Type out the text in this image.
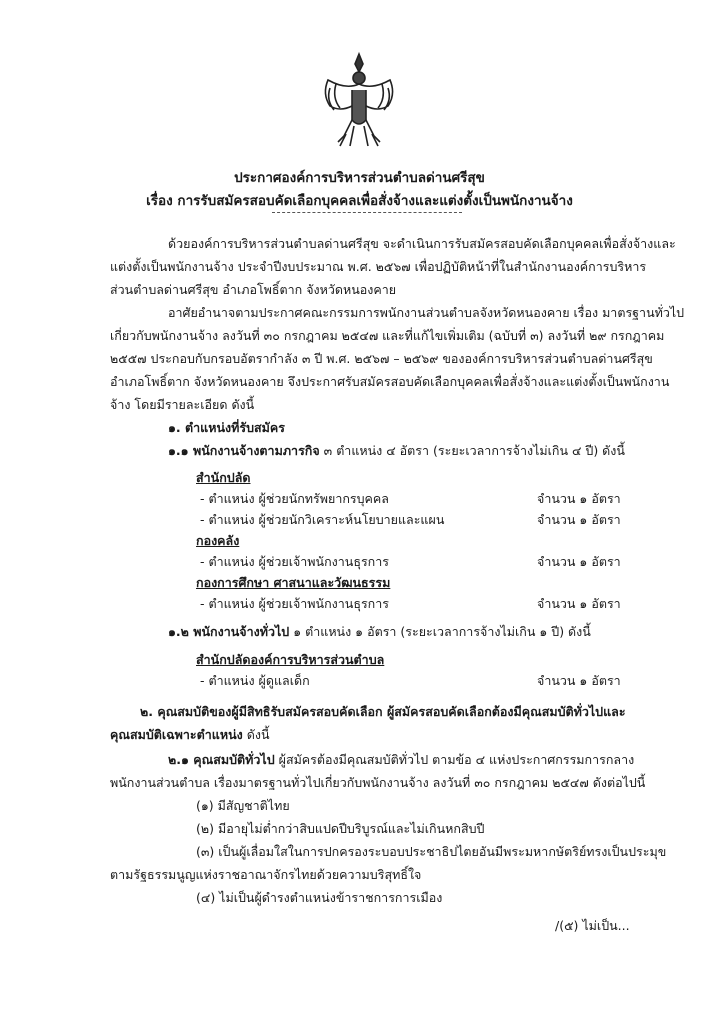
ประกาศองค์การบริหารส่วนตำบลด่านศรีสุข
เรื่อง การรับสมัครสอบคัดเลือกบุคคลเพื่อสั่งจ้างและแต่งตั้งเป็นพนักงานจ้าง
ด้วยองค์การบริหารส่วนตำบลด่านศรีสุข จะดำเนินการรับสมัครสอบคัดเลือกบุคคลเพื่อสั่งจ้างและ
แต่งตั้งเป็นพนักงานจ้าง ประจำปีงบประมาณ พ.ศ. ๒๕๖๗ เพื่อปฏิบัติหน้าที่ในสำนักงานองค์การบริหาร
ส่วนตำบลด่านศรีสุข อำเภอโพธิ์ตาก จังหวัดหนองคาย
อาศัยอำนาจตามประกาศคณะกรรมการพนักงานส่วนตำบลจังหวัดหนองคาย เรื่อง มาตรฐานทั่วไป
เกี่ยวกับพนักงานจ้าง ลงวันที่ ๓๐ กรกฎาคม ๒๕๔๗ และที่แก้ไขเพิ่มเติม (ฉบับที่ ๓) ลงวันที่ ๒๙ กรกฎาคม
๒๕๕๗ ประกอบกับกรอบอัตรากำลัง ๓ ปี พ.ศ. ๒๕๖๗ – ๒๕๖๙ ขององค์การบริหารส่วนตำบลด่านศรีสุข
อำเภอโพธิ์ตาก จังหวัดหนองคาย จึงประกาศรับสมัครสอบคัดเลือกบุคคลเพื่อสั่งจ้างและแต่งตั้งเป็นพนักงาน
จ้าง โดยมีรายละเอียด ดังนี้
๑. ตำแหน่งที่รับสมัคร
๑.๑ พนักงานจ้างตามภารกิจ ๓ ตำแหน่ง ๔ อัตรา (ระยะเวลาการจ้างไม่เกิน ๔ ปี) ดังนี้
สำนักปลัด
- ตำแหน่ง ผู้ช่วยนักทรัพยากรบุคคล	จำนวน ๑ อัตรา
- ตำแหน่ง ผู้ช่วยนักวิเคราะห์นโยบายและแผน	จำนวน ๑ อัตรา
กองคลัง
- ตำแหน่ง ผู้ช่วยเจ้าพนักงานธุรการ	จำนวน ๑ อัตรา
กองการศึกษา ศาสนาและวัฒนธรรม
- ตำแหน่ง ผู้ช่วยเจ้าพนักงานธุรการ	จำนวน ๑ อัตรา
๑.๒ พนักงานจ้างทั่วไป ๑ ตำแหน่ง ๑ อัตรา (ระยะเวลาการจ้างไม่เกิน ๑ ปี) ดังนี้
สำนักปลัดองค์การบริหารส่วนตำบล
- ตำแหน่ง ผู้ดูแลเด็ก	จำนวน ๑ อัตรา
๒. คุณสมบัติของผู้มีสิทธิรับสมัครสอบคัดเลือก ผู้สมัครสอบคัดเลือกต้องมีคุณสมบัติทั่วไปและ
คุณสมบัติเฉพาะตำแหน่ง ดังนี้
๒.๑ คุณสมบัติทั่วไป ผู้สมัครต้องมีคุณสมบัติทั่วไป ตามข้อ ๔ แห่งประกาศกรรมการกลาง
พนักงานส่วนตำบล เรื่องมาตรฐานทั่วไปเกี่ยวกับพนักงานจ้าง ลงวันที่ ๓๐ กรกฎาคม ๒๕๔๗ ดังต่อไปนี้
(๑) มีสัญชาติไทย
(๒) มีอายุไม่ต่ำกว่าสิบแปดปีบริบูรณ์และไม่เกินหกสิบปี
(๓) เป็นผู้เลื่อมใสในการปกครองระบอบประชาธิปไตยอันมีพระมหากษัตริย์ทรงเป็นประมุข
ตามรัฐธรรมนูญแห่งราชอาณาจักรไทยด้วยความบริสุทธิ์ใจ
(๔) ไม่เป็นผู้ดำรงตำแหน่งข้าราชการการเมือง
/(๕) ไม่เป็น...
